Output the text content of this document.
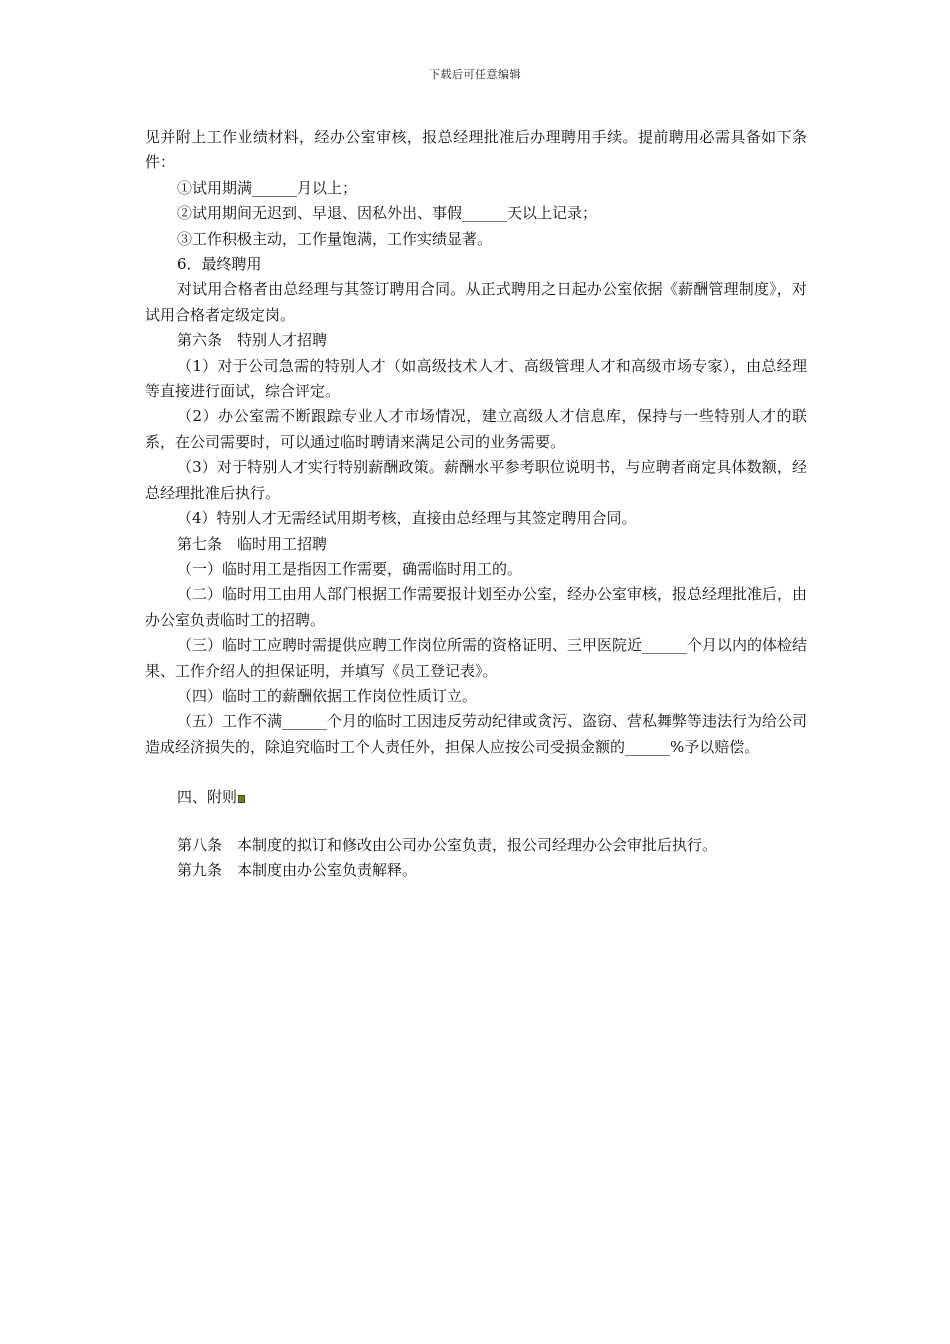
下载后可任意编辑

见并附上工作业绩材料，经办公室审核，报总经理批准后办理聘用手续。提前聘用必需具备如下条件：

①试用期满______月以上；

②试用期间无迟到、早退、因私外出、事假______天以上记录；

③工作积极主动，工作量饱满，工作实绩显著。

6．最终聘用

对试用合格者由总经理与其签订聘用合同。从正式聘用之日起办公室依据《薪酬管理制度》，对试用合格者定级定岗。

第六条　特别人才招聘

（1）对于公司急需的特别人才（如高级技术人才、高级管理人才和高级市场专家），由总经理等直接进行面试，综合评定。

（2）办公室需不断跟踪专业人才市场情况，建立高级人才信息库，保持与一些特别人才的联系，在公司需要时，可以通过临时聘请来满足公司的业务需要。

（3）对于特别人才实行特别薪酬政策。薪酬水平参考职位说明书，与应聘者商定具体数额，经总经理批准后执行。

（4）特别人才无需经试用期考核，直接由总经理与其签定聘用合同。

第七条　临时用工招聘

（一）临时用工是指因工作需要，确需临时用工的。

（二）临时用工由用人部门根据工作需要报计划至办公室，经办公室审核，报总经理批准后，由办公室负责临时工的招聘。

（三）临时工应聘时需提供应聘工作岗位所需的资格证明、三甲医院近______个月以内的体检结果、工作介绍人的担保证明，并填写《员工登记表》。

（四）临时工的薪酬依据工作岗位性质订立。

（五）工作不满______个月的临时工因违反劳动纪律或贪污、盗窃、营私舞弊等违法行为给公司造成经济损失的，除追究临时工个人责任外，担保人应按公司受损金额的______%予以赔偿。

四、附则

第八条　本制度的拟订和修改由公司办公室负责，报公司经理办公会审批后执行。

第九条　本制度由办公室负责解释。
